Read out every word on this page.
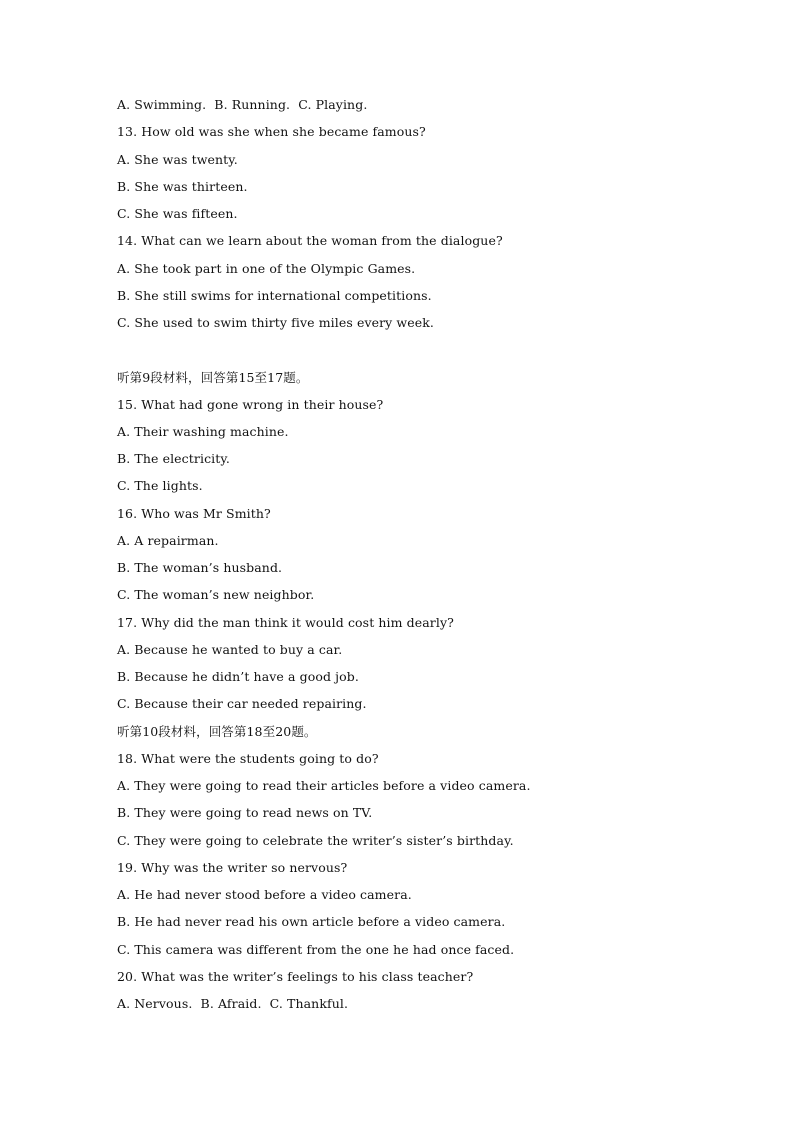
A. Swimming.  B. Running.  C. Playing.
13. How old was she when she became famous?
A. She was twenty.
B. She was thirteen.
C. She was fifteen.
14. What can we learn about the woman from the dialogue?
A. She took part in one of the Olympic Games.
B. She still swims for international competitions.
C. She used to swim thirty five miles every week.
听第9段材料，回答第15至17题。
15. What had gone wrong in their house?
A. Their washing machine.
B. The electricity.
C. The lights.
16. Who was Mr Smith?
A. A repairman.
B. The woman’s husband.
C. The woman’s new neighbor.
17. Why did the man think it would cost him dearly?
A. Because he wanted to buy a car.
B. Because he didn’t have a good job.
C. Because their car needed repairing.
听第10段材料，回答第18至20题。
18. What were the students going to do?
A. They were going to read their articles before a video camera.
B. They were going to read news on TV.
C. They were going to celebrate the writer’s sister’s birthday.
19. Why was the writer so nervous?
A. He had never stood before a video camera.
B. He had never read his own article before a video camera.
C. This camera was different from the one he had once faced.
20. What was the writer’s feelings to his class teacher?
A. Nervous.  B. Afraid.  C. Thankful.
